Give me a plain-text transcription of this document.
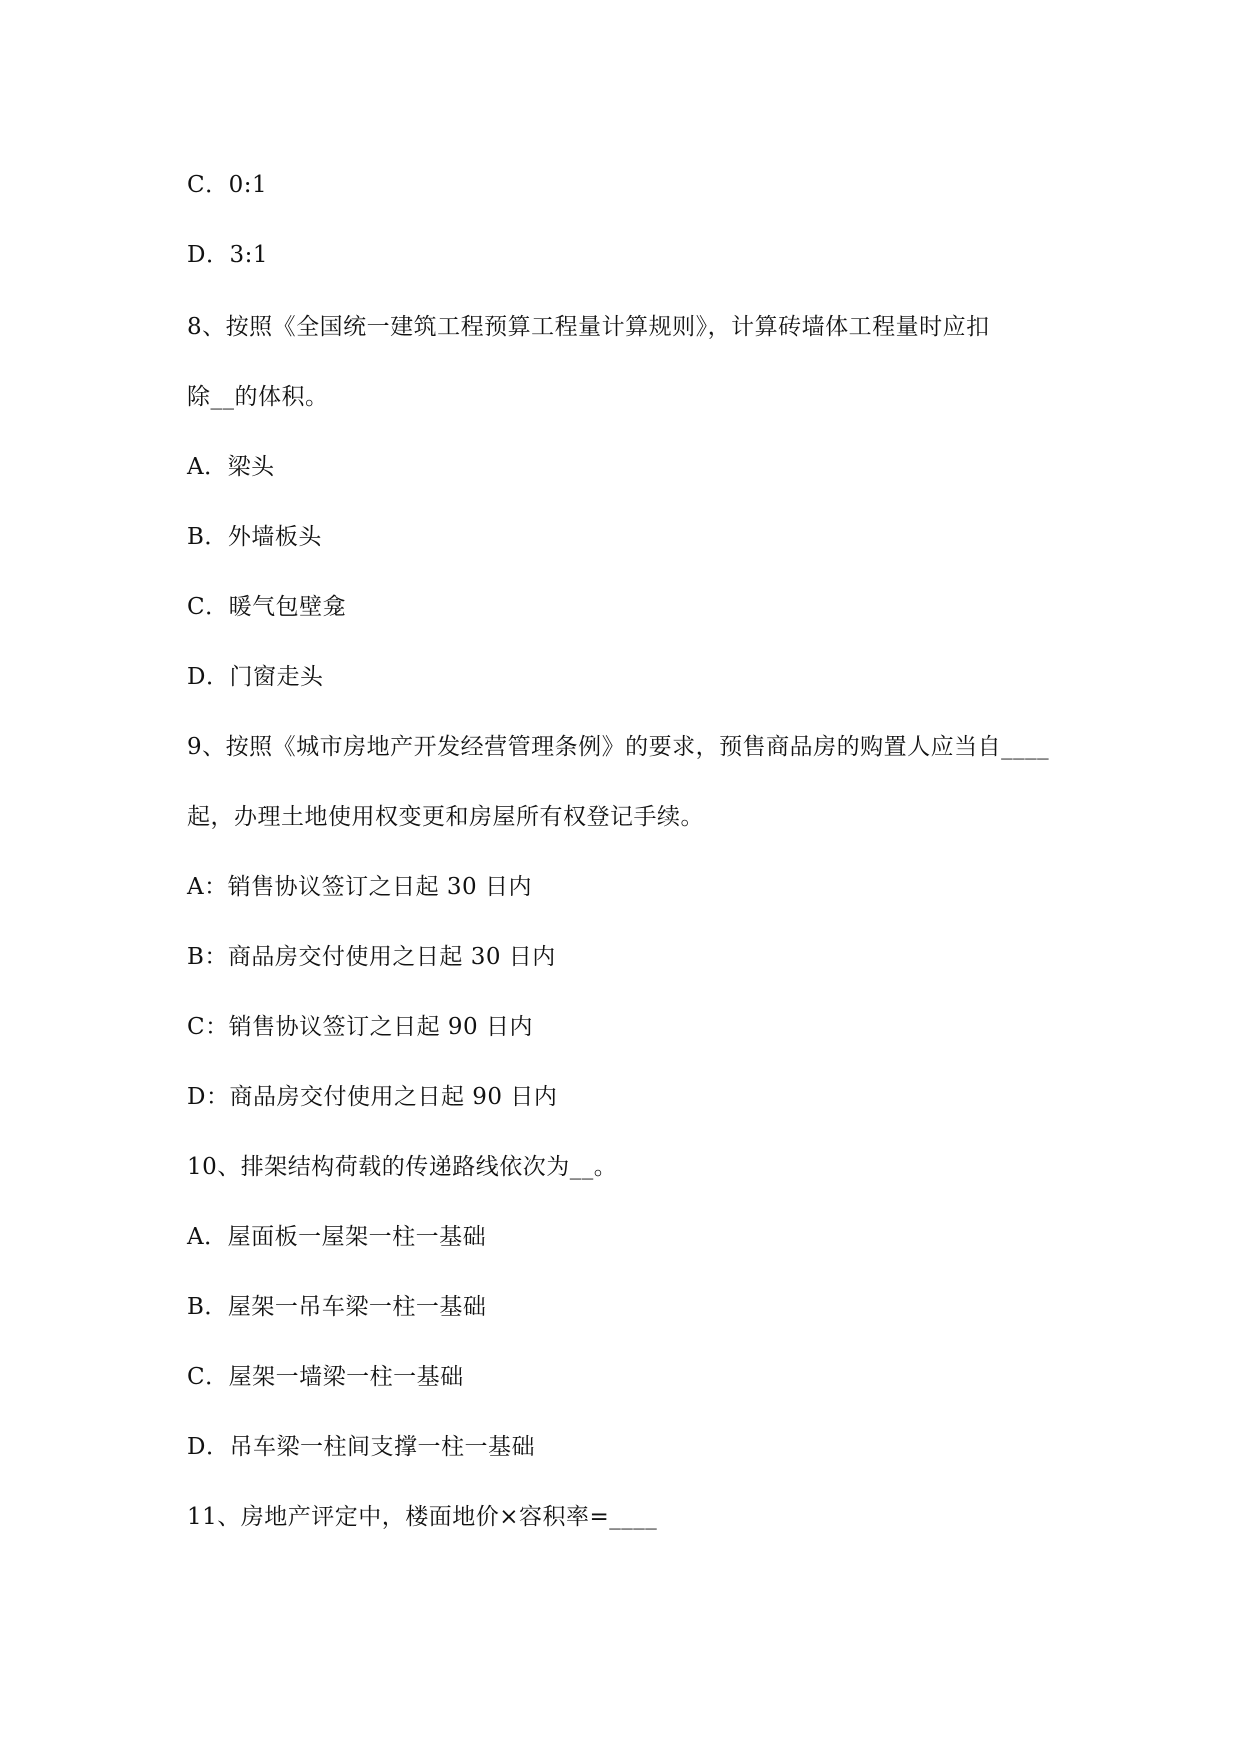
C．0:1
D．3:1
8、按照《全国统一建筑工程预算工程量计算规则》，计算砖墙体工程量时应扣
除__的体积。
A．梁头
B．外墙板头
C．暖气包壁龛
D．门窗走头
9、按照《城市房地产开发经营管理条例》的要求，预售商品房的购置人应当自____
起，办理土地使用权变更和房屋所有权登记手续。
A：销售协议签订之日起 30 日内
B：商品房交付使用之日起 30 日内
C：销售协议签订之日起 90 日内
D：商品房交付使用之日起 90 日内
10、排架结构荷载的传递路线依次为__。
A．屋面板一屋架一柱一基础
B．屋架一吊车梁一柱一基础
C．屋架一墙梁一柱一基础
D．吊车梁一柱间支撑一柱一基础
11、房地产评定中，楼面地价×容积率=____
